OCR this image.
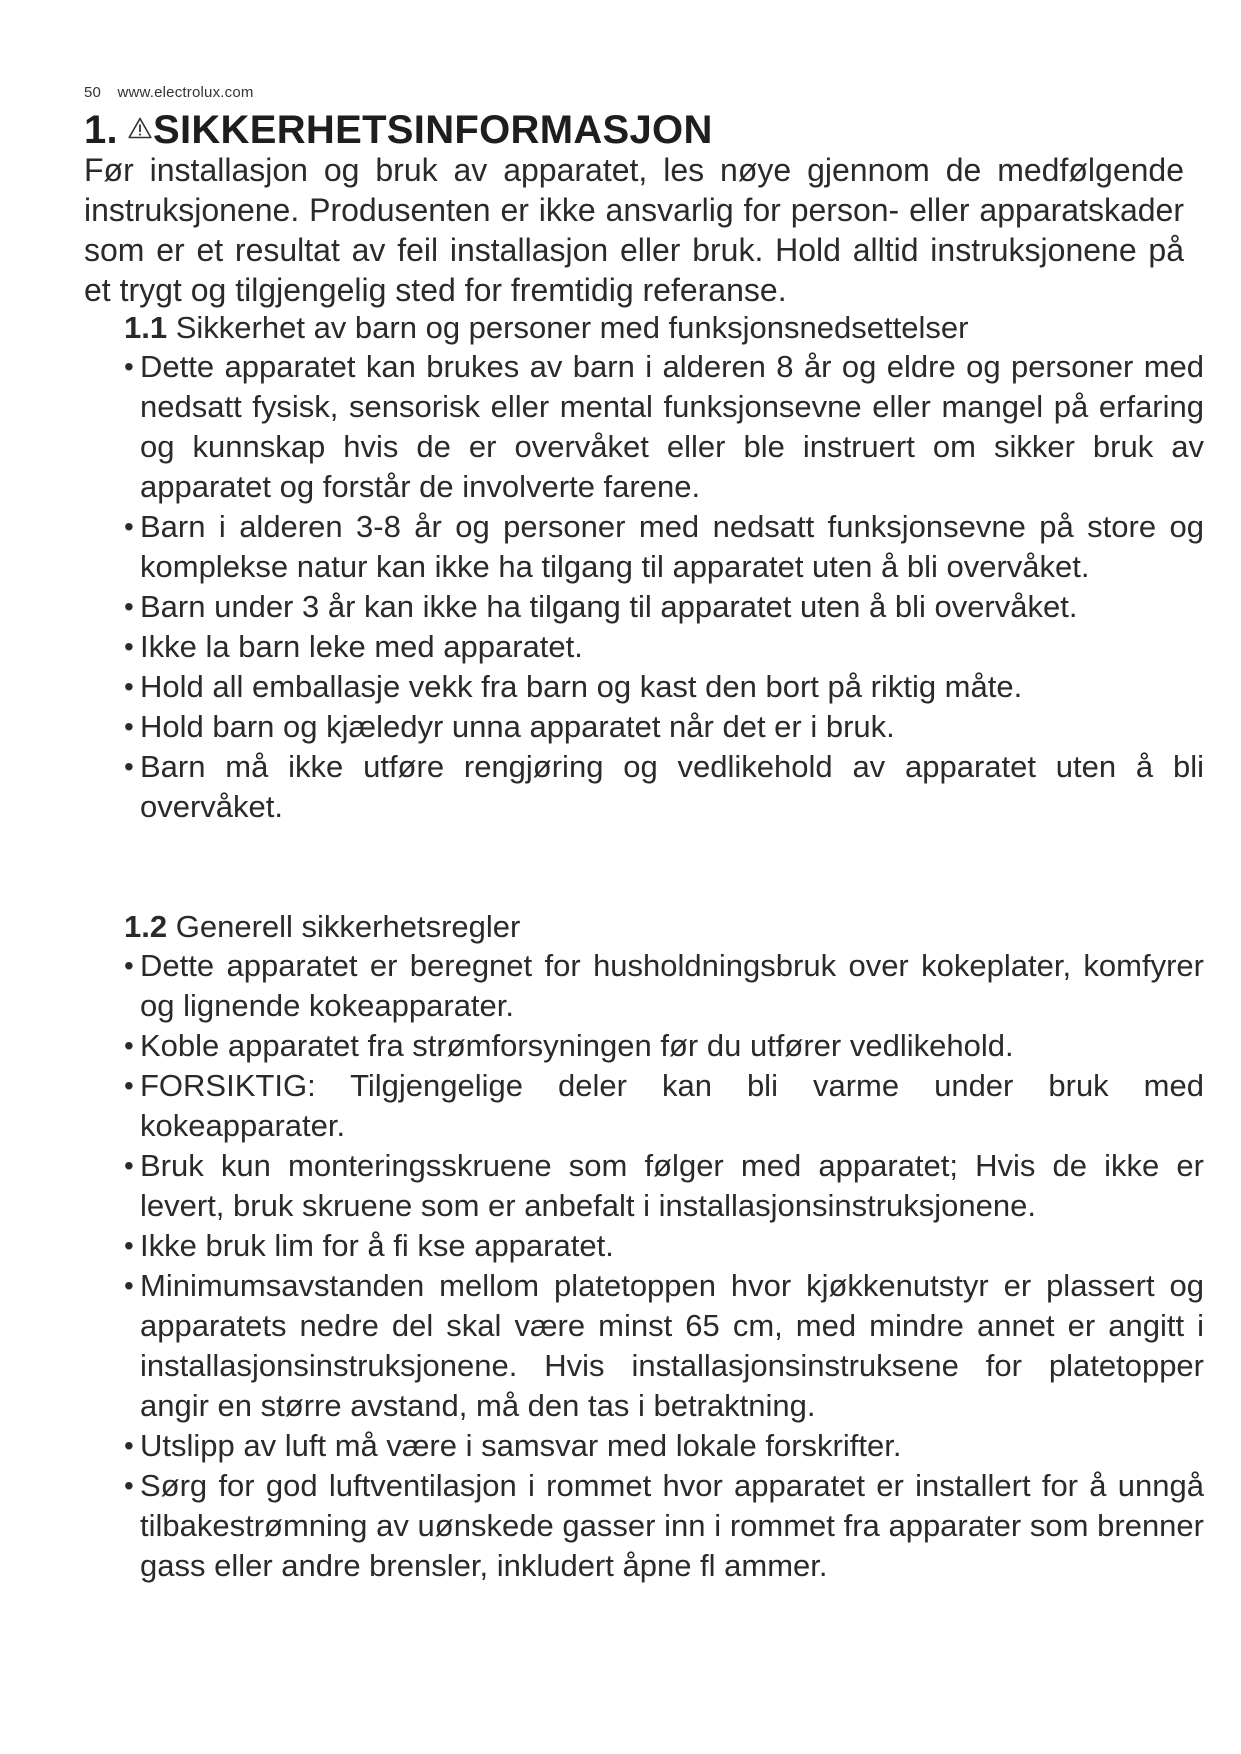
50 www.electrolux.com
1. SIKKERHETSINFORMASJON

Før installasjon og bruk av apparatet, les nøye gjennom de medfølgende instruksjonene. Produsenten er ikke ansvarlig for person- eller apparatskader som er et resultat av feil installasjon eller bruk. Hold alltid instruksjonene på et trygt og tilgjengelig sted for fremtidig referanse.

1.1 Sikkerhet av barn og personer med funksjonsnedsettelser

• Dette apparatet kan brukes av barn i alderen 8 år og eldre og personer med nedsatt fysisk, sensorisk eller mental funksjonsevne eller mangel på erfaring og kunnskap hvis de er overvåket eller ble instruert om sikker bruk av apparatet og forstår de involverte farene.
• Barn i alderen 3-8 år og personer med nedsatt funksjonsevne på store og komplekse natur kan ikke ha tilgang til apparatet uten å bli overvåket.
• Barn under 3 år kan ikke ha tilgang til apparatet uten å bli overvåket.
• Ikke la barn leke med apparatet.
• Hold all emballasje vekk fra barn og kast den bort på riktig måte.
• Hold barn og kjæledyr unna apparatet når det er i bruk.
• Barn må ikke utføre rengjøring og vedlikehold av apparatet uten å bli overvåket.

1.2 Generell sikkerhetsregler

• Dette apparatet er beregnet for husholdningsbruk over kokeplater, komfyrer og lignende kokeapparater.
• Koble apparatet fra strømforsyningen før du utfører vedlikehold.
• FORSIKTIG: Tilgjengelige deler kan bli varme under bruk med kokeapparater.
• Bruk kun monteringsskruene som følger med apparatet; Hvis de ikke er levert, bruk skruene som er anbefalt i installasjonsinstruksjonene.
• Ikke bruk lim for å fi kse apparatet.
• Minimumsavstanden mellom platetoppen hvor kjøkkenutstyr er plassert og apparatets nedre del skal være minst 65 cm, med mindre annet er angitt i installasjonsinstruksjonene. Hvis installasjonsinstruksene for platetopper angir en større avstand, må den tas i betraktning.
• Utslipp av luft må være i samsvar med lokale forskrifter.
• Sørg for god luftventilasjon i rommet hvor apparatet er installert for å unngå tilbakestrømning av uønskede gasser inn i rommet fra apparater som brenner gass eller andre brensler, inkludert åpne fl ammer.
